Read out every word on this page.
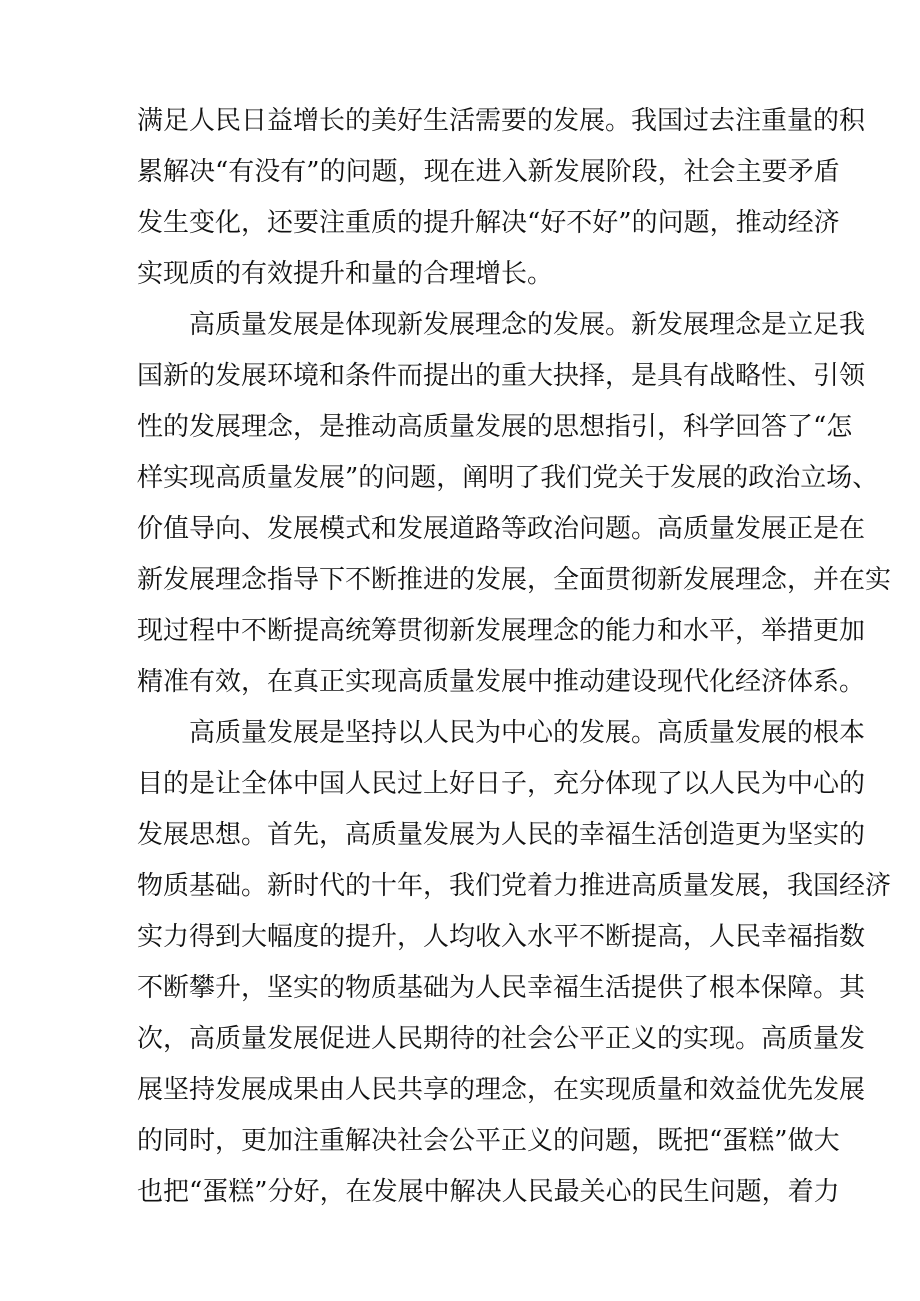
满足人民日益增长的美好生活需要的发展。我国过去注重量的积
累解决“有没有”的问题，现在进入新发展阶段，社会主要矛盾
发生变化，还要注重质的提升解决“好不好”的问题，推动经济
实现质的有效提升和量的合理增长。
高质量发展是体现新发展理念的发展。新发展理念是立足我
国新的发展环境和条件而提出的重大抉择，是具有战略性、引领
性的发展理念，是推动高质量发展的思想指引，科学回答了“怎
样实现高质量发展”的问题，阐明了我们党关于发展的政治立场、
价值导向、发展模式和发展道路等政治问题。高质量发展正是在
新发展理念指导下不断推进的发展，全面贯彻新发展理念，并在实
现过程中不断提高统筹贯彻新发展理念的能力和水平，举措更加
精准有效，在真正实现高质量发展中推动建设现代化经济体系。
高质量发展是坚持以人民为中心的发展。高质量发展的根本
目的是让全体中国人民过上好日子，充分体现了以人民为中心的
发展思想。首先，高质量发展为人民的幸福生活创造更为坚实的
物质基础。新时代的十年，我们党着力推进高质量发展，我国经济
实力得到大幅度的提升，人均收入水平不断提高，人民幸福指数
不断攀升，坚实的物质基础为人民幸福生活提供了根本保障。其
次，高质量发展促进人民期待的社会公平正义的实现。高质量发
展坚持发展成果由人民共享的理念，在实现质量和效益优先发展
的同时，更加注重解决社会公平正义的问题，既把“蛋糕”做大
也把“蛋糕”分好，在发展中解决人民最关心的民生问题，着力
